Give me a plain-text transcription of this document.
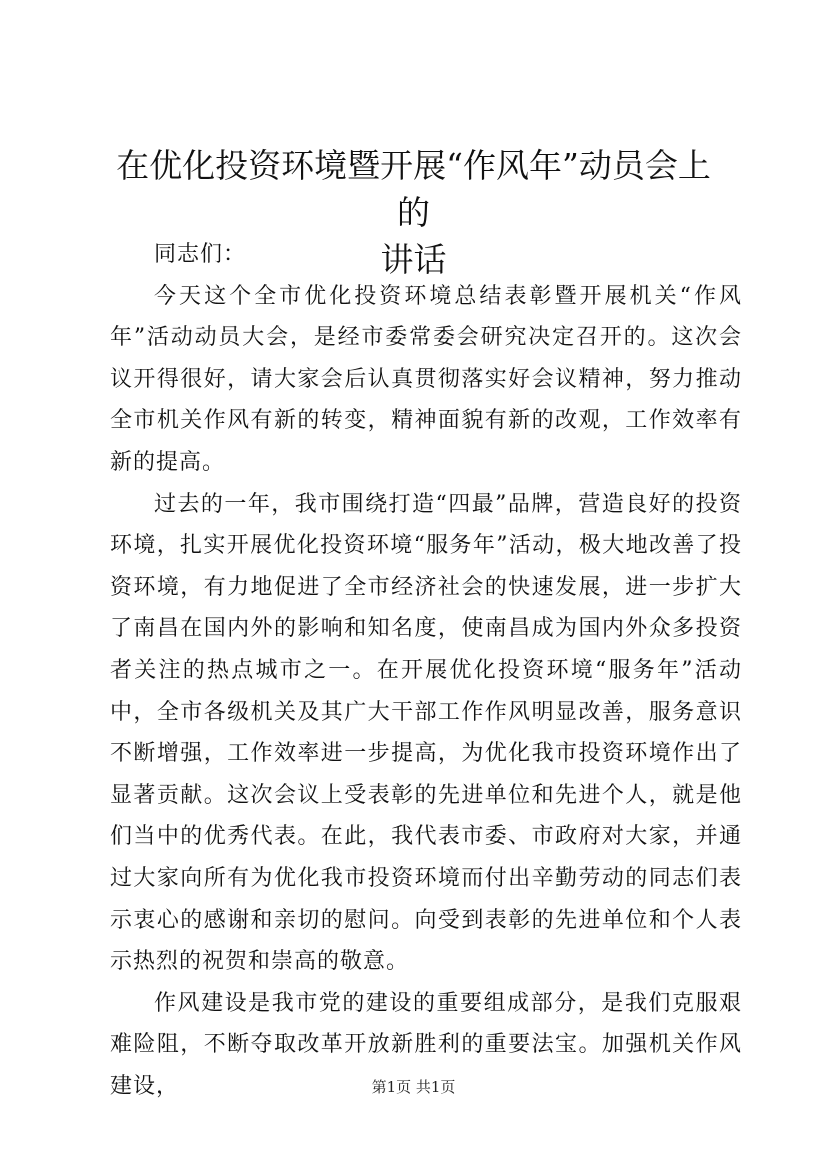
在优化投资环境暨开展“作风年”动员会上的
讲话

同志们：

今天这个全市优化投资环境总结表彰暨开展机关“作风年”活动动员大会，是经市委常委会研究决定召开的。这次会议开得很好，请大家会后认真贯彻落实好会议精神，努力推动全市机关作风有新的转变，精神面貌有新的改观，工作效率有新的提高。

过去的一年，我市围绕打造“四最”品牌，营造良好的投资环境，扎实开展优化投资环境“服务年”活动，极大地改善了投资环境，有力地促进了全市经济社会的快速发展，进一步扩大了南昌在国内外的影响和知名度，使南昌成为国内外众多投资者关注的热点城市之一。在开展优化投资环境“服务年”活动中，全市各级机关及其广大干部工作作风明显改善，服务意识不断增强，工作效率进一步提高，为优化我市投资环境作出了显著贡献。这次会议上受表彰的先进单位和先进个人，就是他们当中的优秀代表。在此，我代表市委、市政府对大家，并通过大家向所有为优化我市投资环境而付出辛勤劳动的同志们表示衷心的感谢和亲切的慰问。向受到表彰的先进单位和个人表示热烈的祝贺和崇高的敬意。

作风建设是我市党的建设的重要组成部分，是我们克服艰难险阻，不断夺取改革开放新胜利的重要法宝。加强机关作风建设，	第1页 共1页
